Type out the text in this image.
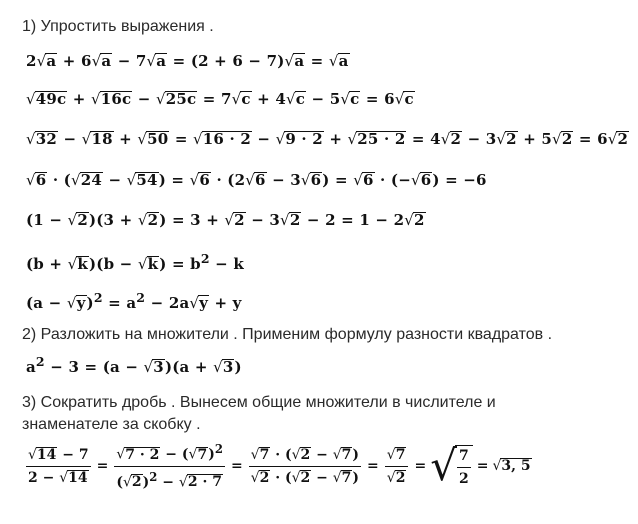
1) Упростить выражения .
2√a + 6√a − 7√a = (2 + 6 − 7)√a = √a
√49c + √16c − √25c = 7√c + 4√c − 5√c = 6√c
√32 − √18 + √50 = √16 · 2 − √9 · 2 + √25 · 2 = 4√2 − 3√2 + 5√2 = 6√2
√6 · (√24 − √54) = √6 · (2√6 − 3√6) = √6 · (−√6) = −6
(1 − √2)(3 + √2) = 3 + √2 − 3√2 − 2 = 1 − 2√2
$(b + √k)(b - √k) = b^2 - k$
$(a - √y)^2 = a^2 - 2a√y + y$
2) Разложить на множители . Применим формулу разности квадратов .
$a^2 - 3 = (a - √3)(a + √3)$
3) Сократить дробь . Вынесем общие множители в числителе и
знаменателе за скобку .
$\frac{√14 - 7}{2 - √14} = \frac{√7 \cdot 2 - (√7)^2}{(√2)^2 - √2 \cdot 7} = \frac{√7 \cdot (√2 - √7)}{√2 \cdot (√2 - √7)} = \frac{√7}{√2}$ = √ $\frac{7}{2} = √3$, 5
